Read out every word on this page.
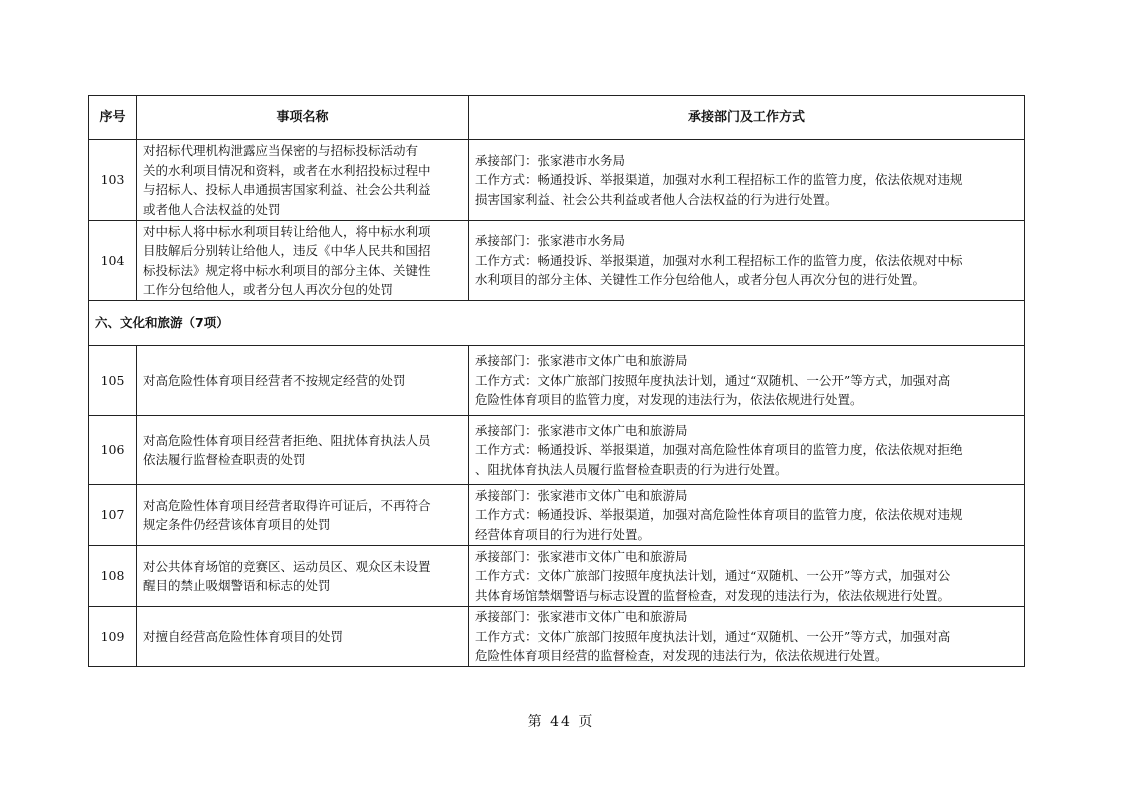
序号	事项名称	承接部门及工作方式
103	对招标代理机构泄露应当保密的与招标投标活动有
关的水利项目情况和资料，或者在水利招投标过程中
与招标人、投标人串通损害国家利益、社会公共利益
或者他人合法权益的处罚	承接部门：张家港市水务局
工作方式：畅通投诉、举报渠道，加强对水利工程招标工作的监管力度，依法依规对违规
损害国家利益、社会公共利益或者他人合法权益的行为进行处置。

104	对中标人将中标水利项目转让给他人，将中标水利项
目肢解后分别转让给他人，违反《中华人民共和国招
标投标法》规定将中标水利项目的部分主体、关键性
工作分包给他人，或者分包人再次分包的处罚	承接部门：张家港市水务局
工作方式：畅通投诉、举报渠道，加强对水利工程招标工作的监管力度，依法依规对中标
水利项目的部分主体、关键性工作分包给他人，或者分包人再次分包的进行处置。

六、文化和旅游（7项）		
105	对高危险性体育项目经营者不按规定经营的处罚	承接部门：张家港市文体广电和旅游局
工作方式：文体广旅部门按照年度执法计划，通过“双随机、一公开”等方式，加强对高
危险性体育项目的监管力度，对发现的违法行为，依法依规进行处置。

106	对高危险性体育项目经营者拒绝、阻扰体育执法人员
依法履行监督检查职责的处罚	承接部门：张家港市文体广电和旅游局
工作方式：畅通投诉、举报渠道，加强对高危险性体育项目的监管力度，依法依规对拒绝
、阻扰体育执法人员履行监督检查职责的行为进行处置。

107	对高危险性体育项目经营者取得许可证后，不再符合
规定条件仍经营该体育项目的处罚	承接部门：张家港市文体广电和旅游局
工作方式：畅通投诉、举报渠道，加强对高危险性体育项目的监管力度，依法依规对违规
经营体育项目的行为进行处置。

108	对公共体育场馆的竞赛区、运动员区、观众区未设置
醒目的禁止吸烟警语和标志的处罚	承接部门：张家港市文体广电和旅游局
工作方式：文体广旅部门按照年度执法计划，通过“双随机、一公开”等方式，加强对公
共体育场馆禁烟警语与标志设置的监督检查，对发现的违法行为，依法依规进行处置。

109	对擅自经营高危险性体育项目的处罚	承接部门：张家港市文体广电和旅游局
工作方式：文体广旅部门按照年度执法计划，通过“双随机、一公开”等方式，加强对高
危险性体育项目经营的监督检查，对发现的违法行为，依法依规进行处置。
第 44 页
